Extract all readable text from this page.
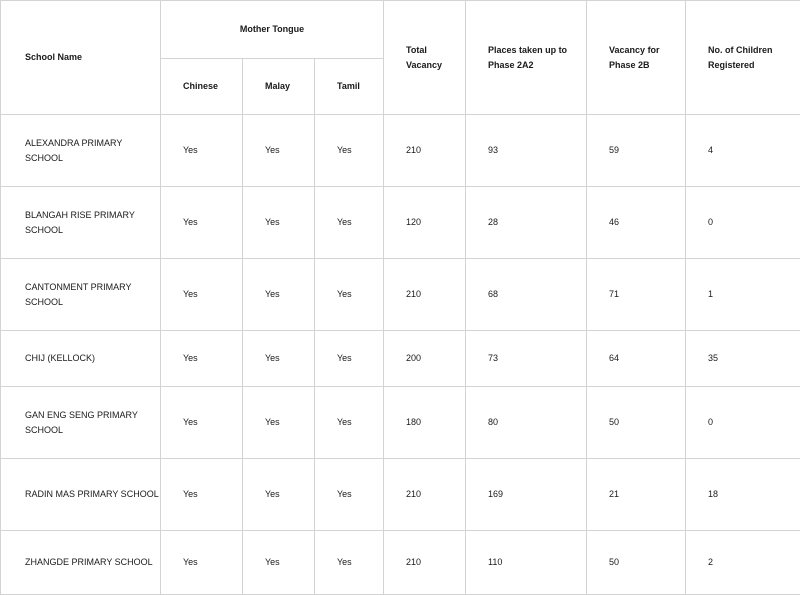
School Name	Mother Tongue			Total Vacancy	Places taken up to Phase 2A2	Vacancy for Phase 2B	No. of Children Registered
	Chinese	Malay	Tamil				
ALEXANDRA PRIMARY SCHOOL	Yes	Yes	Yes	210	93	59	4
BLANGAH RISE PRIMARY SCHOOL	Yes	Yes	Yes	120	28	46	0
CANTONMENT PRIMARY SCHOOL	Yes	Yes	Yes	210	68	71	1
CHIJ (KELLOCK)	Yes	Yes	Yes	200	73	64	35
GAN ENG SENG PRIMARY SCHOOL	Yes	Yes	Yes	180	80	50	0
RADIN MAS PRIMARY SCHOOL	Yes	Yes	Yes	210	169	21	18
ZHANGDE PRIMARY SCHOOL	Yes	Yes	Yes	210	110	50	2
